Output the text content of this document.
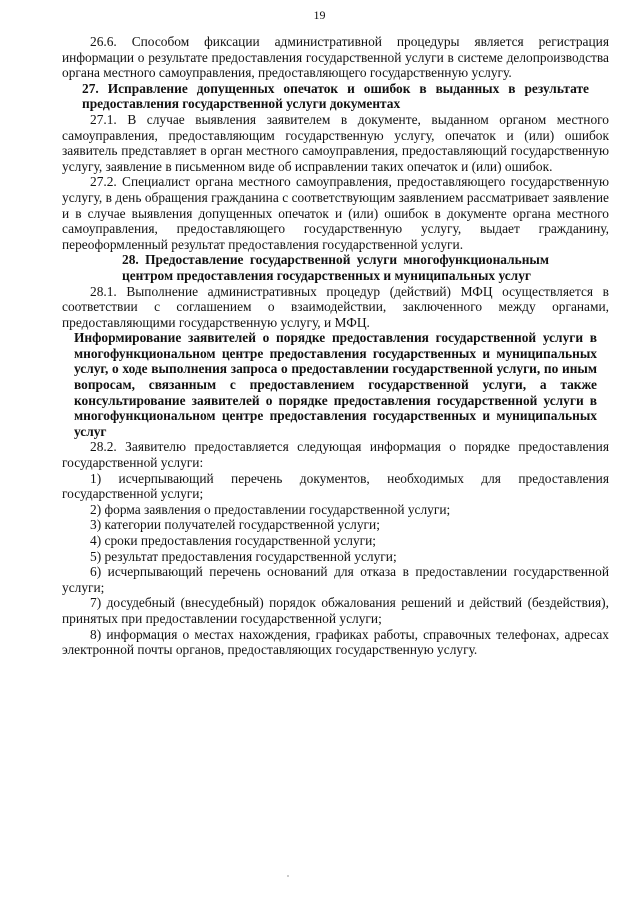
19

26.6. Способом фиксации административной процедуры является регистрация информации о результате предоставления государственной услуги в системе делопроизводства органа местного самоуправления, предоставляющего государственную услугу.

27. Исправление допущенных опечаток и ошибок в выданных в результате предоставления государственной услуги документах

27.1. В случае выявления заявителем в документе, выданном органом местного самоуправления, предоставляющим государственную услугу, опечаток и (или) ошибок заявитель представляет в орган местного самоуправления, предоставляющий государственную услугу, заявление в письменном виде об исправлении таких опечаток и (или) ошибок.

27.2. Специалист органа местного самоуправления, предоставляющего государственную услугу, в день обращения гражданина с соответствующим заявлением рассматривает заявление и в случае выявления допущенных опечаток и (или) ошибок в документе органа местного самоуправления, предоставляющего государственную услугу, выдает гражданину, переоформленный результат предоставления государственной услуги.

28. Предоставление государственной услуги многофункциональным центром предоставления государственных и муниципальных услуг

28.1. Выполнение административных процедур (действий) МФЦ осуществляется в соответствии с соглашением о взаимодействии, заключенного между органами, предоставляющими государственную услугу, и МФЦ.

Информирование заявителей о порядке предоставления государственной услуги в многофункциональном центре предоставления государственных и муниципальных услуг, о ходе выполнения запроса о предоставлении государственной услуги, по иным вопросам, связанным с предоставлением государственной услуги, а также консультирование заявителей о порядке предоставления государственной услуги в многофункциональном центре предоставления государственных и муниципальных услуг

28.2. Заявителю предоставляется следующая информация о порядке предоставления государственной услуги:

1) исчерпывающий перечень документов, необходимых для предоставления государственной услуги;

2) форма заявления о предоставлении государственной услуги;

3) категории получателей государственной услуги;

4) сроки предоставления государственной услуги;

5) результат предоставления государственной услуги;

6) исчерпывающий перечень оснований для отказа в предоставлении государственной услуги;

7) досудебный (внесудебный) порядок обжалования решений и действий (бездействия), принятых при предоставлении государственной услуги;

8) информация о местах нахождения, графиках работы, справочных телефонах, адресах электронной почты органов, предоставляющих государственную услугу.
